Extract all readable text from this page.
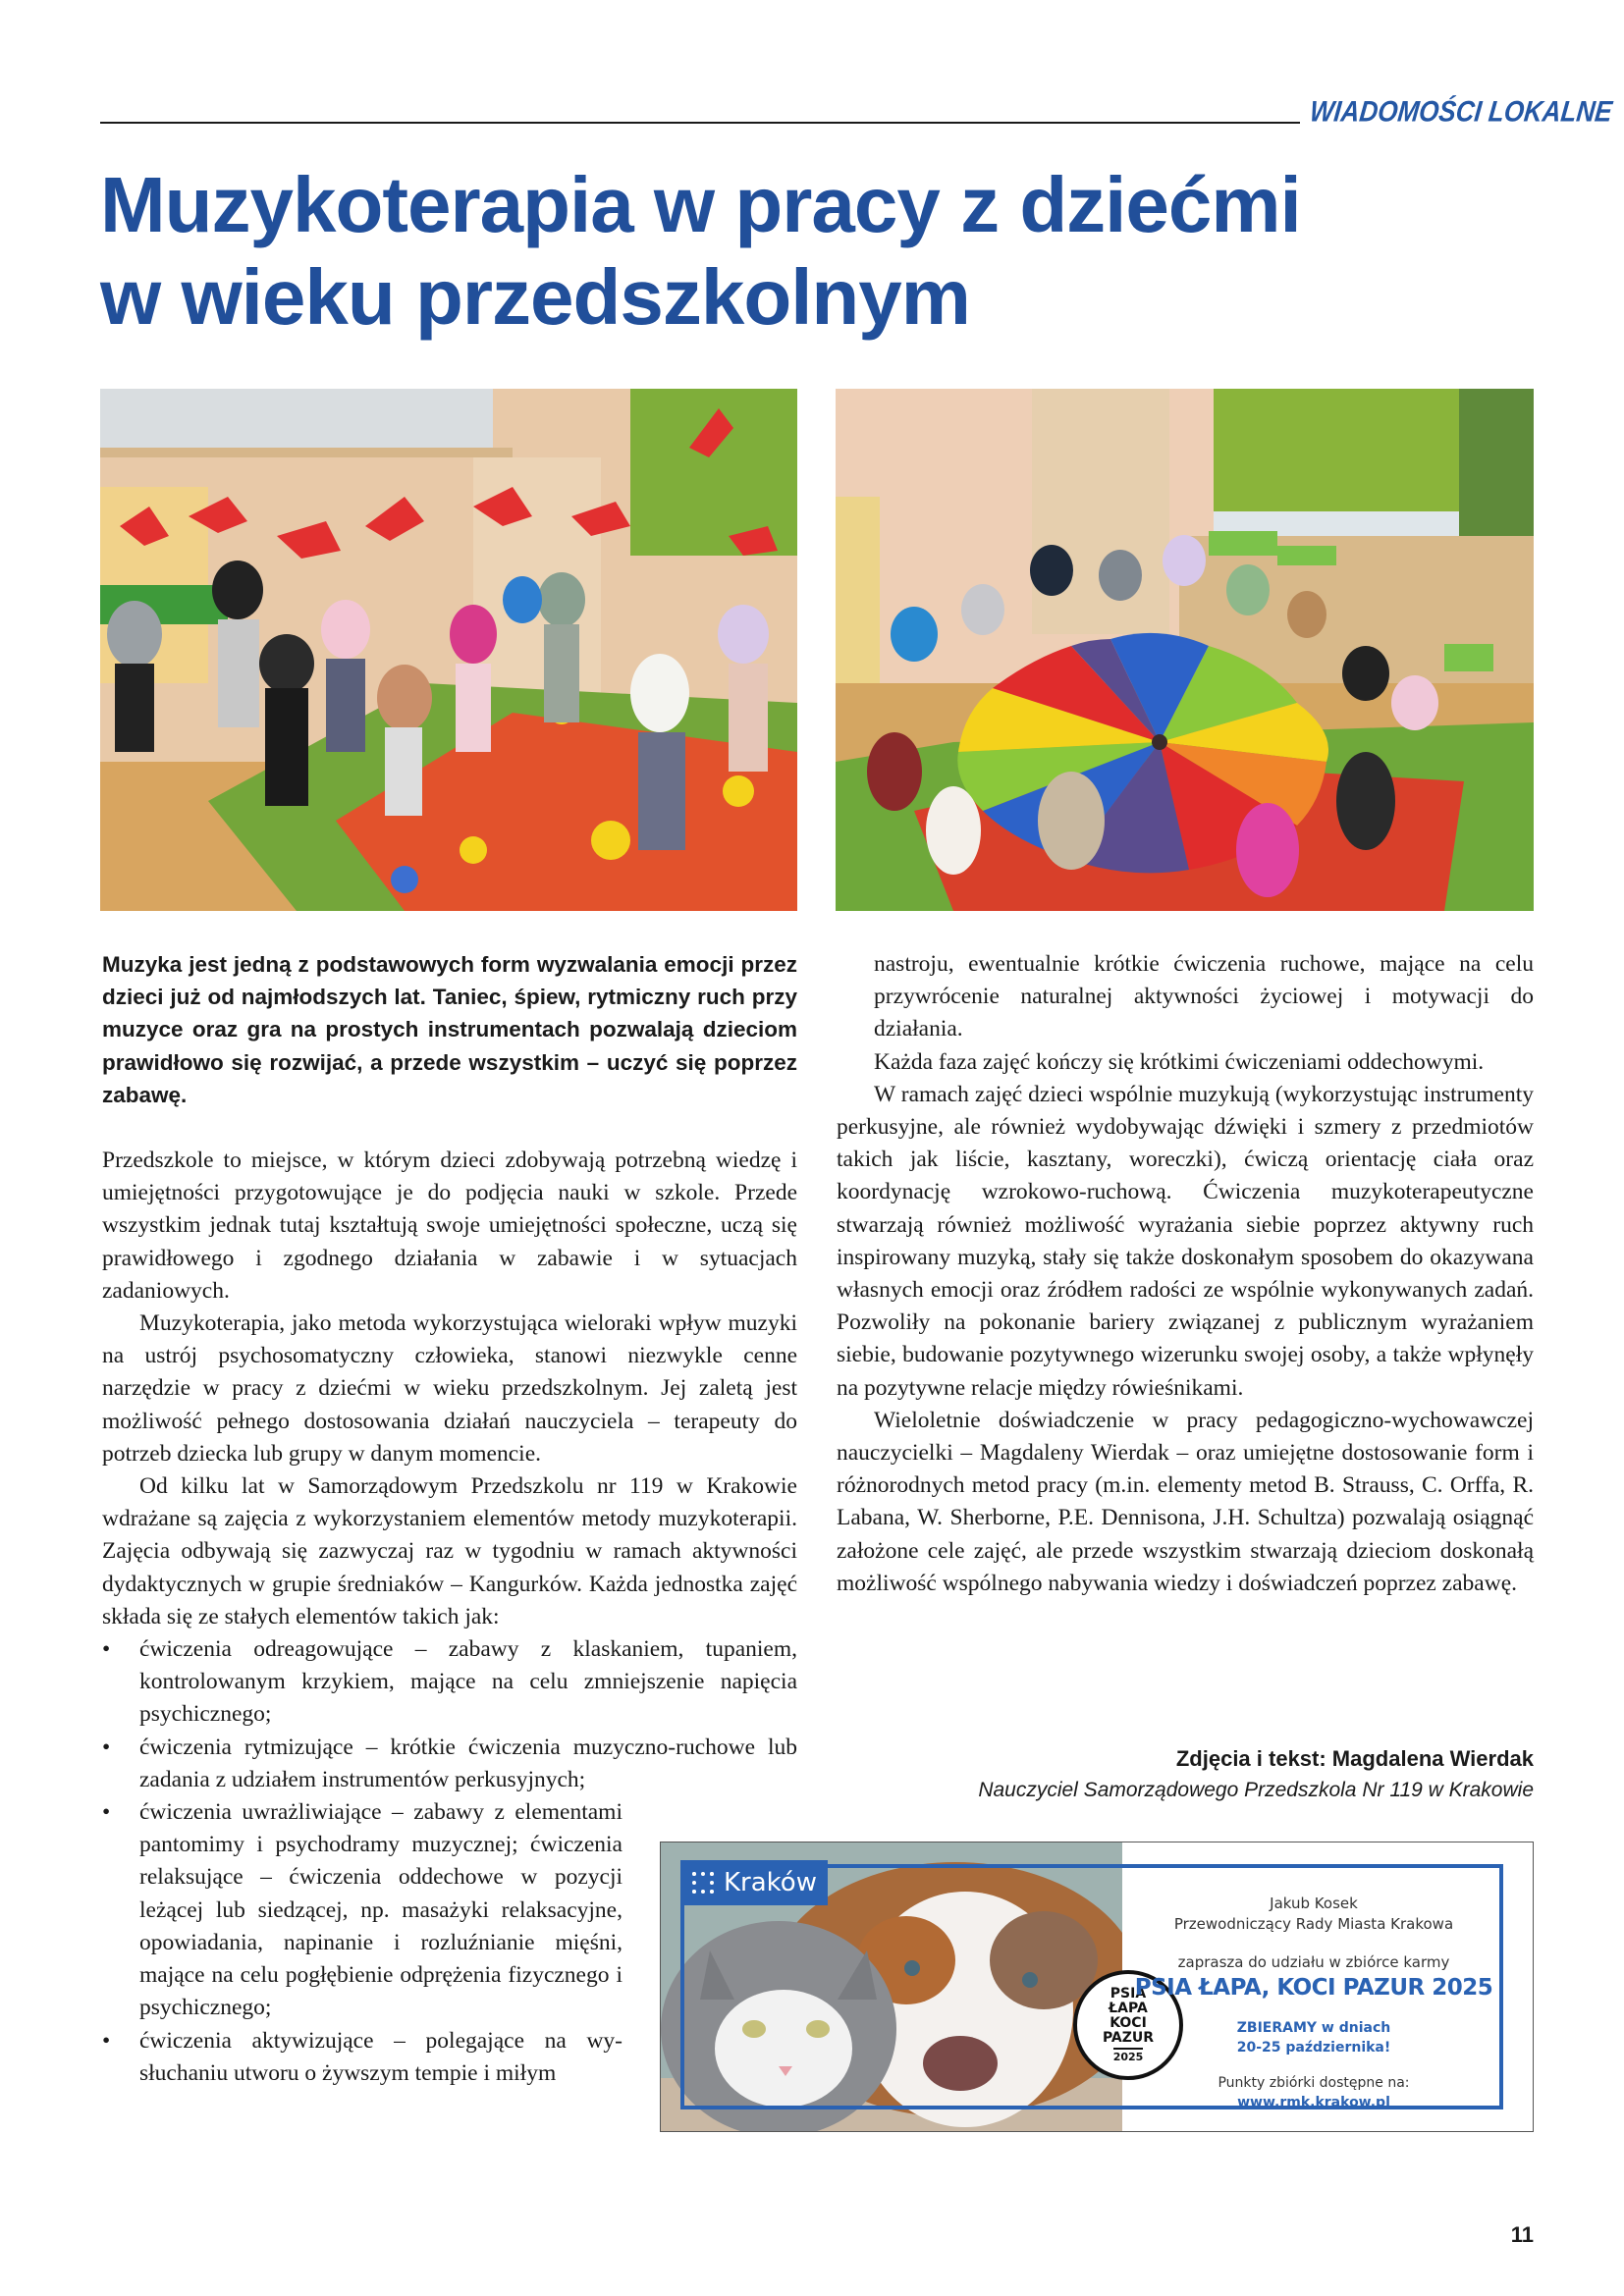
WIADOMOŚCI LOKALNE
Muzykoterapia w pracy z dziećmi w wieku przedszkolnym

Muzyka jest jedną z podstawowych form wyzwalania emocji przez dzieci już od najmłodszych lat. Taniec, śpiew, rytmiczny ruch przy muzyce oraz gra na prostych instrumentach pozwalają dzieciom prawidłowo się rozwijać, a przede wszystkim – uczyć się poprzez zabawę.

Przedszkole to miejsce, w którym dzieci zdobywają potrzebną wiedzę i umiejętności przygotowujące je do podjęcia nauki w szkole. Przede wszystkim jednak tutaj kształtują swoje umiejętności społeczne, uczą się prawidłowego i zgodnego działania w zabawie i w sytuacjach zadaniowych.

Muzykoterapia, jako metoda wykorzystująca wieloraki wpływ muzyki na ustrój psychosomatyczny człowieka, stanowi niezwykle cenne narzędzie w pracy z dziećmi w wieku przedszkolnym. Jej zaletą jest możliwość pełnego dostosowania działań nauczyciela – terapeuty do potrzeb dziecka lub grupy w danym momencie.

Od kilku lat w Samorządowym Przedszkolu nr 119 w Krakowie wdrażane są zajęcia z wykorzystaniem elementów metody muzykoterapii. Zajęcia odbywają się zazwyczaj raz w tygodniu w ramach aktywności dydaktycznych w grupie średniaków – Kangurków. Każda jednostka zajęć składa się ze stałych elementów takich jak:

• ćwiczenia odreagowujące – zabawy z klaskaniem, tupaniem, kontrolowanym krzykiem, mające na celu zmniejszenie napięcia psychicznego;
• ćwiczenia rytmizujące – krótkie ćwiczenia muzyczno-ruchowe lub zadania z udziałem instrumentów perkusyjnych;
• ćwiczenia uwrażliwiające – zabawy z elementami pantomimy i psychodramy muzycznej; ćwiczenia relaksujące – ćwiczenia oddechowe w pozycji leżącej lub siedzącej, np. masażyki relaksacyjne, opowiadania, napinanie i rozluźnianie mięśni, mające na celu pogłębienie odprężenia fizycznego i psychicznego;
• ćwiczenia aktywizujące – polegające na wysłuchaniu utworu o żywszym tempie i miłym

nastroju, ewentualnie krótkie ćwiczenia ruchowe, mające na celu przywrócenie naturalnej aktywności życiowej i motywacji do działania.

Każda faza zajęć kończy się krótkimi ćwiczeniami oddechowymi.

W ramach zajęć dzieci wspólnie muzykują (wykorzystując instrumenty perkusyjne, ale również wydobywając dźwięki i szmery z przedmiotów takich jak liście, kasztany, woreczki), ćwiczą orientację ciała oraz koordynację wzrokowo-ruchową. Ćwiczenia muzykoterapeutyczne stwarzają również możliwość wyrażania siebie poprzez aktywny ruch inspirowany muzyką, stały się także doskonałym sposobem do okazywana własnych emocji oraz źródłem radości ze wspólnie wykonywanych zadań. Pozwoliły na pokonanie bariery związanej z publicznym wyrażaniem siebie, budowanie pozytywnego wizerunku swojej osoby, a także wpłynęły na pozytywne relacje między rówieśnikami.

Wieloletnie doświadczenie w pracy pedagogiczno-wychowawczej nauczycielki – Magdaleny Wierdak – oraz umiejętne dostosowanie form i różnorodnych metod pracy (m.in. elementy metod B. Strauss, C. Orffa, R. Labana, W. Sherborne, P.E. Dennisona, J.H. Schultza) pozwalają osiągnąć założone cele zajęć, ale przede wszystkim stwarzają dzieciom doskonałą możliwość wspólnego nabywania wiedzy i doświadczeń poprzez zabawę.

Zdjęcia i tekst: Magdalena Wierdak
Nauczyciel Samorządowego Przedszkola Nr 119 w Krakowie
Kraków
PSIA
ŁAPA
KOCI
PAZUR
2025
Jakub Kosek
Przewodniczący Rady Miasta Krakowa
zaprasza do udziału w zbiórce karmy
PSIA ŁAPA, KOCI PAZUR 2025
ZBIERAMY w dniach
20-25 października!
Punkty zbiórki dostępne na:
www.rmk.krakow.pl
11
